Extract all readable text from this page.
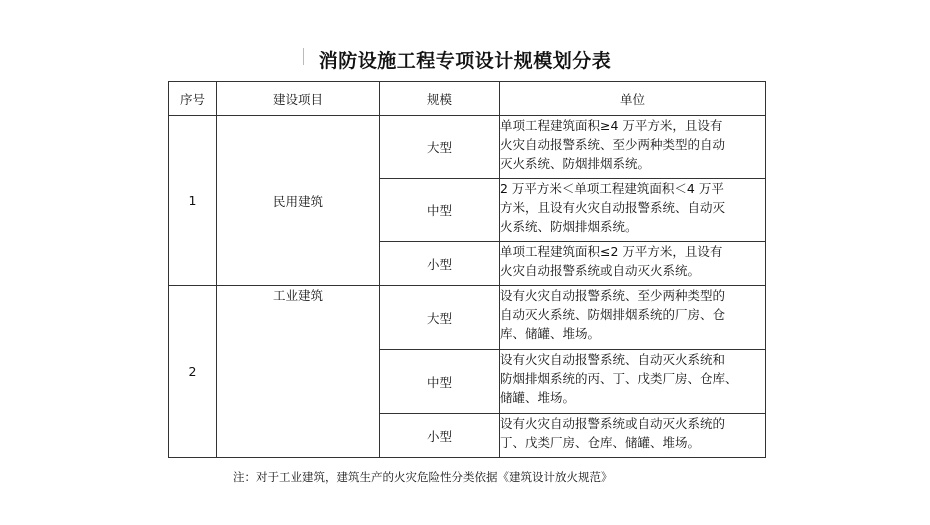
消防设施工程专项设计规模划分表
序号	建设项目	规模	单位
1	民用建筑	大型	单项工程建筑面积≥4 万平方米，且设有
火灾自动报警系统、至少两种类型的自动
灭火系统、防烟排烟系统。

		中型	2 万平方米＜单项工程建筑面积＜4 万平
方米，且设有火灾自动报警系统、自动灭
火系统、防烟排烟系统。

		小型	单项工程建筑面积≤2 万平方米，且设有
火灾自动报警系统或自动灭火系统。

2	工业建筑	大型	设有火灾自动报警系统、至少两种类型的
自动灭火系统、防烟排烟系统的厂房、仓
库、储罐、堆场。

		中型	设有火灾自动报警系统、自动灭火系统和
防烟排烟系统的丙、丁、戊类厂房、仓库、
储罐、堆场。

		小型	设有火灾自动报警系统或自动灭火系统的
丁、戊类厂房、仓库、储罐、堆场。
注：对于工业建筑，建筑生产的火灾危险性分类依据《建筑设计放火规范》
